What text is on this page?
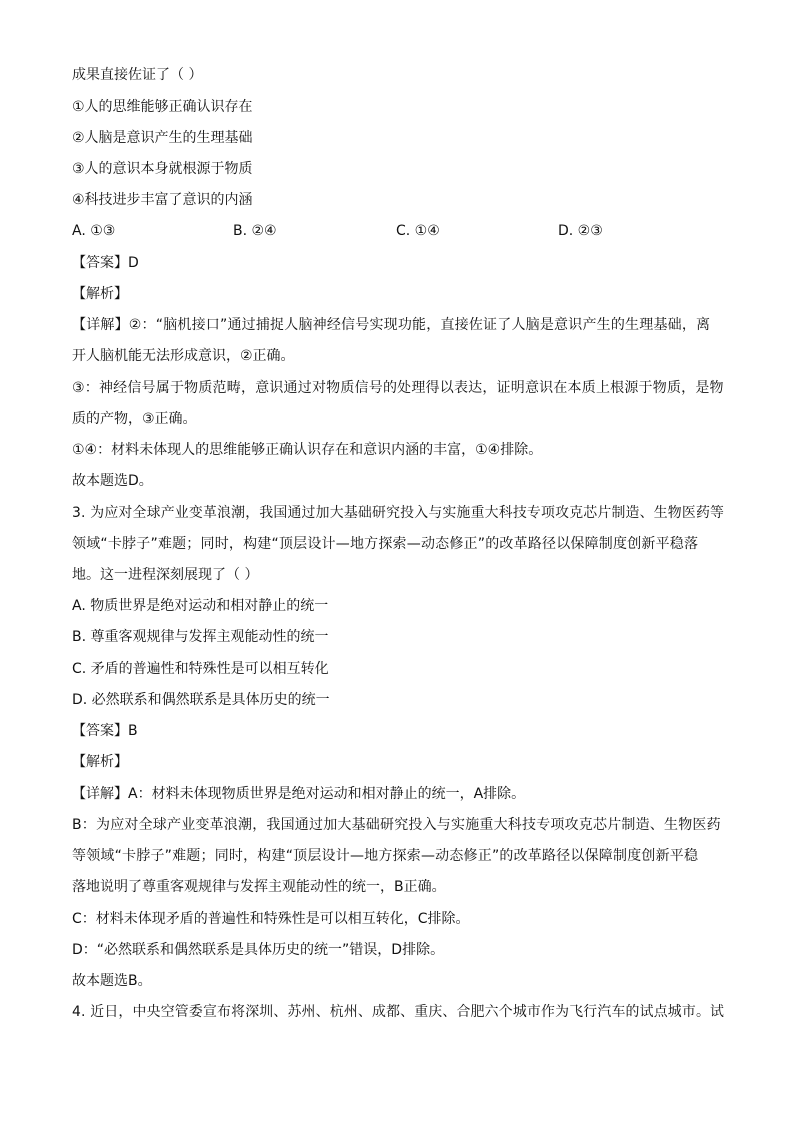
成果直接佐证了（ ）
①人的思维能够正确认识存在
②人脑是意识产生的生理基础
③人的意识本身就根源于物质
④科技进步丰富了意识的内涵
A. ①③	B. ②④	C. ①④	D. ②③
【答案】D
【解析】
【详解】②：“脑机接口”通过捕捉人脑神经信号实现功能，直接佐证了人脑是意识产生的生理基础，离
开人脑机能无法形成意识，②正确。
③：神经信号属于物质范畴，意识通过对物质信号的处理得以表达，证明意识在本质上根源于物质，是物
质的产物，③正确。
①④：材料未体现人的思维能够正确认识存在和意识内涵的丰富，①④排除。
故本题选D。
3. 为应对全球产业变革浪潮，我国通过加大基础研究投入与实施重大科技专项攻克芯片制造、生物医药等
领域“卡脖子”难题；同时，构建“顶层设计—地方探索—动态修正”的改革路径以保障制度创新平稳落
地。这一进程深刻展现了（ ）
A. 物质世界是绝对运动和相对静止的统一
B. 尊重客观规律与发挥主观能动性的统一
C. 矛盾的普遍性和特殊性是可以相互转化
D. 必然联系和偶然联系是具体历史的统一
【答案】B
【解析】
【详解】A：材料未体现物质世界是绝对运动和相对静止的统一，A排除。
B：为应对全球产业变革浪潮，我国通过加大基础研究投入与实施重大科技专项攻克芯片制造、生物医药
等领域“卡脖子”难题；同时，构建“顶层设计—地方探索—动态修正”的改革路径以保障制度创新平稳
落地说明了尊重客观规律与发挥主观能动性的统一，B正确。
C：材料未体现矛盾的普遍性和特殊性是可以相互转化，C排除。
D：“必然联系和偶然联系是具体历史的统一”错误，D排除。
故本题选B。
4. 近日，中央空管委宣布将深圳、苏州、杭州、成都、重庆、合肥六个城市作为飞行汽车的试点城市。试
